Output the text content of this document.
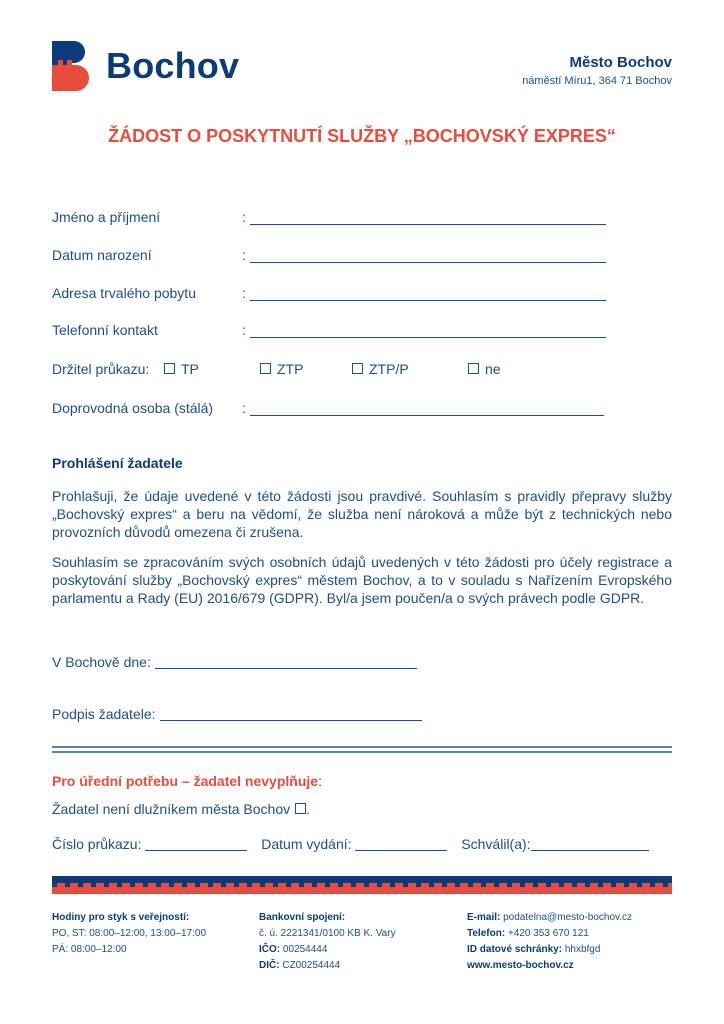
Bochov	Město Bochov
náměstí Míru1, 364 71 Bochov
ŽÁDOST O POSKYTNUTÍ SLUŽBY „BOCHOVSKÝ EXPRES“
Jméno a příjmení	:
Datum narození	:
Adresa trvalého pobytu	:
Telefonní kontakt	:
Držitel průkazu:	TP	ZTP	ZTP/P	ne
Doprovodná osoba (stálá) :
Prohlášení žadatele
Prohlašuji, že údaje uvedené v této žádosti jsou pravdivé. Souhlasím s pravidly přepravy služby „Bochovský expres“ a beru na vědomí, že služba není nároková a může být z technických nebo provozních důvodů omezena či zrušena.
Souhlasím se zpracováním svých osobních údajů uvedených v této žádosti pro účely registrace a poskytování služby „Bochovský expres“ městem Bochov, a to v souladu s Nařízením Evropského parlamentu a Rady (EU) 2016/679 (GDPR). Byl/a jsem poučen/a o svých právech podle GDPR.
V Bochově dne:
Podpis žadatele:
Pro úřední potřebu – žadatel nevyplňuje:
Žadatel není dlužníkem města Bochov .
Číslo průkazu:	Datum vydání:	Schválil(a):
Hodiny pro styk s veřejností:
PO, ST: 08:00–12:00, 13:00–17:00
PÁ: 08:00–12:00
Bankovní spojení:
č. ú. 2221341/0100 KB K. Vary
IČO: 00254444
DIČ: CZ00254444
E-mail: podatelna@mesto-bochov.cz
Telefon: +420 353 670 121
ID datové schránky: hhxbfgd
www.mesto-bochov.cz
